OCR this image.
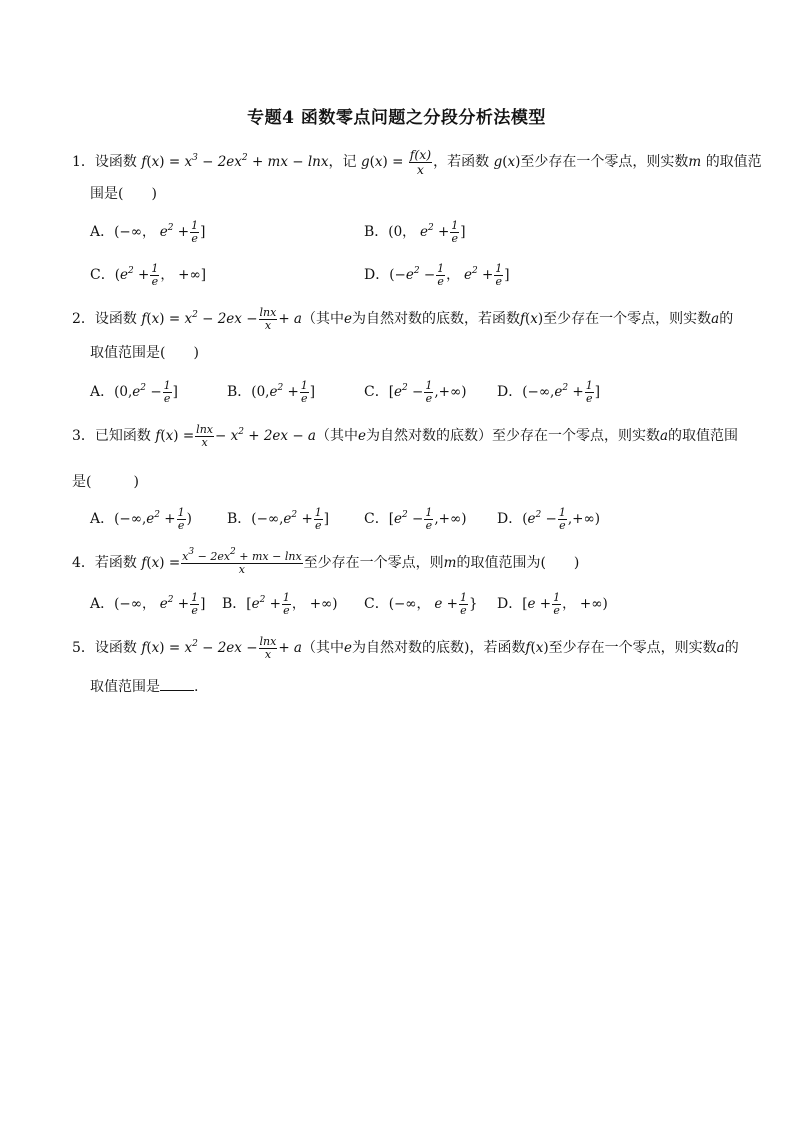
专题4 函数零点问题之分段分析法模型
1．设函数 $f(x) = x^3 - 2ex^2$ + mx − lnx，记 $g(x) = \frac{f(x)}{x}$ ，若函数 g(x)至少存在一个零点，则实数m 的取值范
围是(　　)
A．(−∞， $e^2 + \frac{1}{e}$ ]	B．(0， $e^2 + \frac{1}{e}$ ]
C．($e^2 + \frac{1}{e}$ ， +∞]	D．($-e^2 - \frac{1}{e}$ ， $e^2 + \frac{1}{e}$ ]
2．设函数 $f(x) = x^2 - 2ex - \frac{\ln x}{x} + a$（其中e为自然对数的底数，若函数f(x)至少存在一个零点，则实数a的
取值范围是(　　)
A．($0,e^2 - \frac{1}{e}$ ]	B．($0,e^2 + \frac{1}{e}$ ]	C．[$e^2 - \frac{1}{e}$ ,+∞) D．($-\infty,e^2 + \frac{1}{e}$ ]
3．已知函数 $f(x) = \frac{\ln x}{x} - x^2 + 2ex - a$（其中e为自然对数的底数）至少存在一个零点，则实数a的取值范围
是(　　　)
A．($-\infty,e^2 + \frac{1}{e}$ )	B．($-\infty,e^2 + \frac{1}{e}$ ] C．[$e^2 - \frac{1}{e}$ ,+∞) D．($e^2 - \frac{1}{e}$ ,+∞)
4．若函数 $f(x) = \frac{x^3 - 2ex^2 + mx - \ln x}{x}$ 至少存在一个零点，则m的取值范围为(　　)
A．(−∞， $e^2 + \frac{1}{e}$ ] B．[$e^2 + \frac{1}{e}$ ， +∞) C．(−∞， $e + \frac{1}{e}$ } D．[$e + \frac{1}{e}$ ， +∞)
5．设函数 $f(x) = x^2 - 2ex - \frac{\ln x}{x} + a$（其中e为自然对数的底数)，若函数f(x)至少存在一个零点，则实数a的
取值范围是 .
